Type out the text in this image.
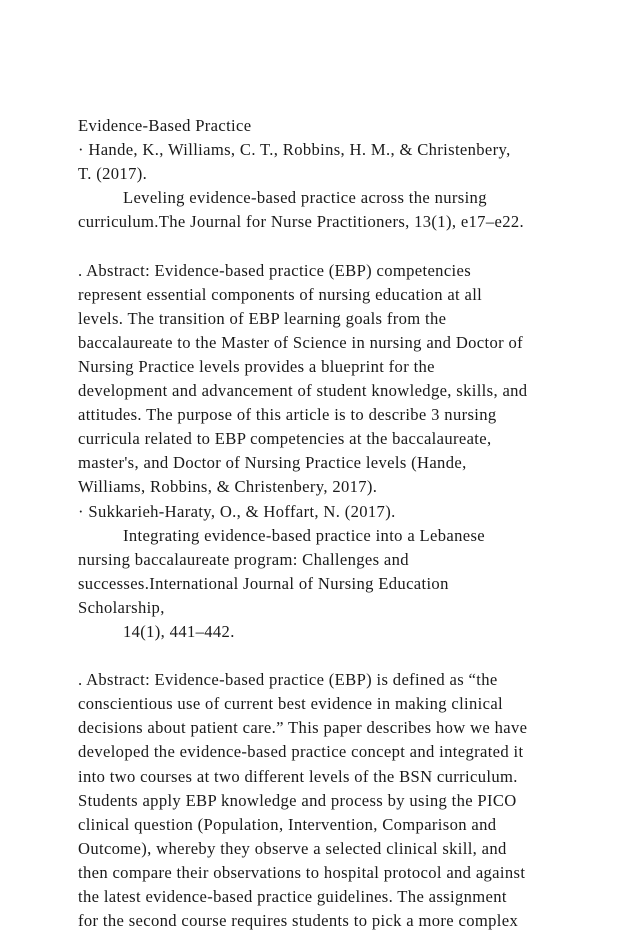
Evidence-Based Practice
· Hande, K., Williams, C. T., Robbins, H. M., & Christenbery,
T. (2017).
Leveling evidence-based practice across the nursing
curriculum.The Journal for Nurse Practitioners, 13(1), e17–e22.
. Abstract: Evidence-based practice (EBP) competencies
represent essential components of nursing education at all
levels. The transition of EBP learning goals from the
baccalaureate to the Master of Science in nursing and Doctor of
Nursing Practice levels provides a blueprint for the
development and advancement of student knowledge, skills, and
attitudes. The purpose of this article is to describe 3 nursing
curricula related to EBP competencies at the baccalaureate,
master's, and Doctor of Nursing Practice levels (Hande,
Williams, Robbins, & Christenbery, 2017).
· Sukkarieh-Haraty, O., & Hoffart, N. (2017).
Integrating evidence-based practice into a Lebanese
nursing baccalaureate program: Challenges and
successes.International Journal of Nursing Education
Scholarship,
14(1), 441–442.
. Abstract: Evidence-based practice (EBP) is defined as “the
conscientious use of current best evidence in making clinical
decisions about patient care.” This paper describes how we have
developed the evidence-based practice concept and integrated it
into two courses at two different levels of the BSN curriculum.
Students apply EBP knowledge and process by using the PICO
clinical question (Population, Intervention, Comparison and
Outcome), whereby they observe a selected clinical skill, and
then compare their observations to hospital protocol and against
the latest evidence-based practice guidelines. The assignment
for the second course requires students to pick a more complex
